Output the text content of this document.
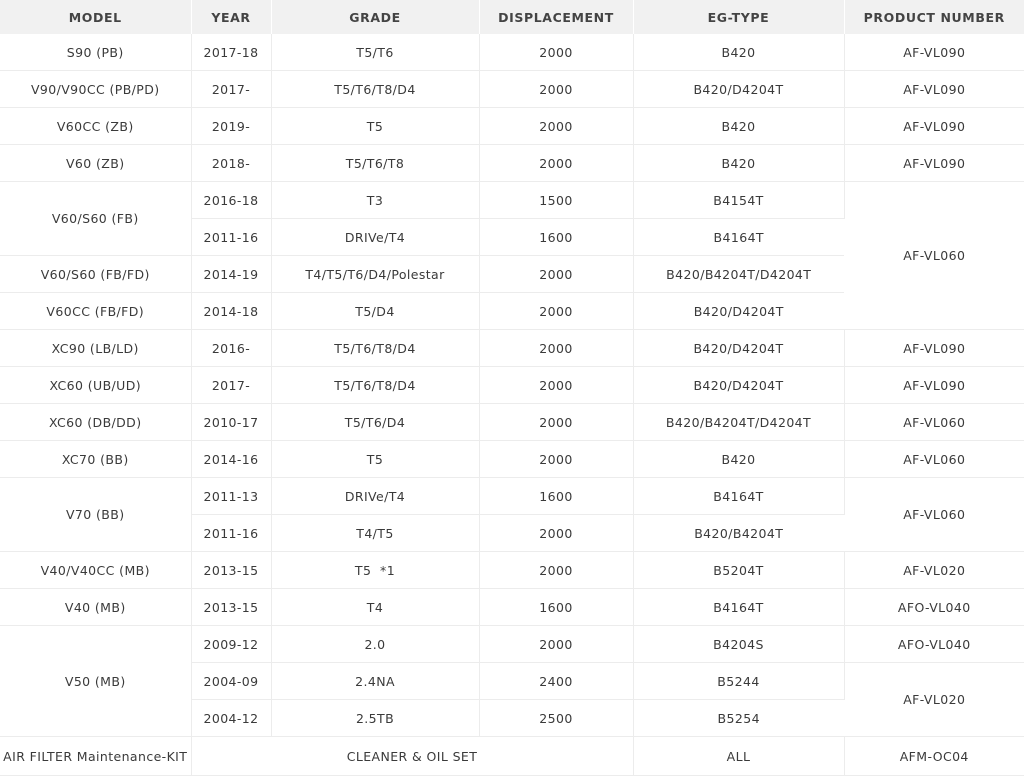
MODEL	YEAR	GRADE	DISPLACEMENT	EG-TYPE	PRODUCT NUMBER
S90 (PB)	2017-18	T5/T6	2000	B420	AF-VL090
V90/V90CC (PB/PD)	2017-	T5/T6/T8/D4	2000	B420/D4204T	AF-VL090
V60CC (ZB)	2019-	T5	2000	B420	AF-VL090
V60 (ZB)	2018-	T5/T6/T8	2000	B420	AF-VL090
V60/S60 (FB)	2016-18	T3	1500	B4154T	AF-VL060
	2011-16	DRIVe/T4	1600	B4164T	
V60/S60 (FB/FD)	2014-19	T4/T5/T6/D4/Polestar	2000	B420/B4204T/D4204T	
V60CC (FB/FD)	2014-18	T5/D4	2000	B420/D4204T	
XC90 (LB/LD)	2016-	T5/T6/T8/D4	2000	B420/D4204T	AF-VL090
XC60 (UB/UD)	2017-	T5/T6/T8/D4	2000	B420/D4204T	AF-VL090
XC60 (DB/DD)	2010-17	T5/T6/D4	2000	B420/B4204T/D4204T	AF-VL060
XC70 (BB)	2014-16	T5	2000	B420	AF-VL060
V70 (BB)	2011-13	DRIVe/T4	1600	B4164T	AF-VL060
	2011-16	T4/T5	2000	B420/B4204T	
V40/V40CC (MB)	2013-15	T5  *1	2000	B5204T	AF-VL020
V40 (MB)	2013-15	T4	1600	B4164T	AFO-VL040
V50 (MB)	2009-12	2.0	2000	B4204S	AFO-VL040
	2004-09	2.4NA	2400	B5244	AF-VL020
	2004-12	2.5TB	2500	B5254	
AIR FILTER Maintenance-KIT	CLEANER & OIL SET			ALL	AFM-OC04
